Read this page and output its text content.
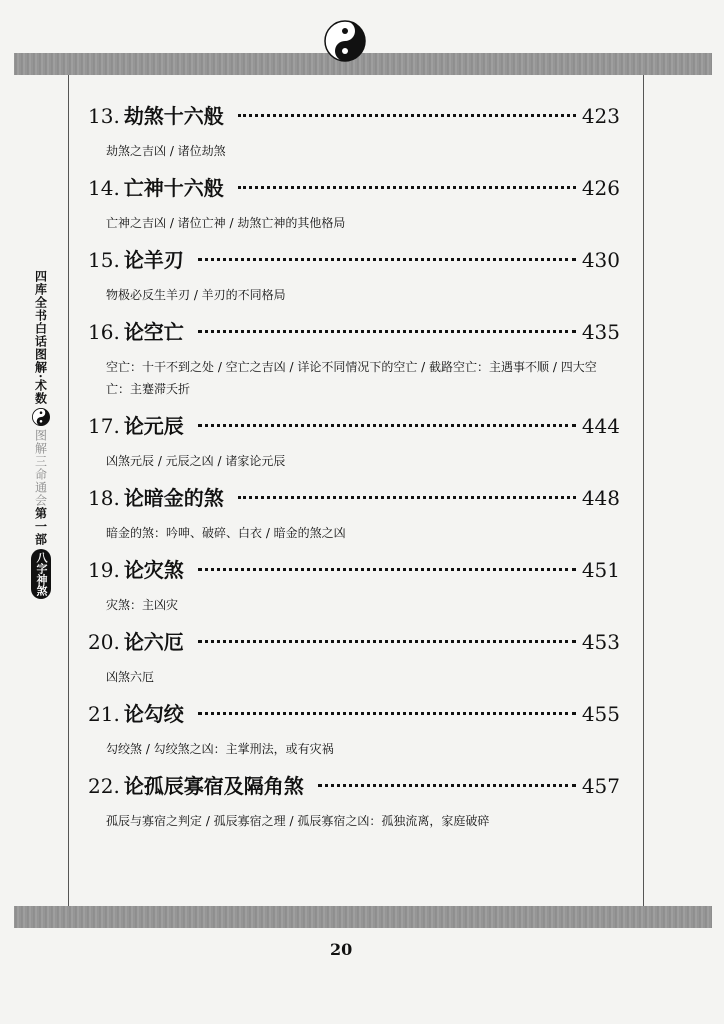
四库全书白话图解·术数
图解三命通会
第一部
八字神煞
13. 劫煞十六般	423
劫煞之吉凶 / 诸位劫煞
14. 亡神十六般	426
亡神之吉凶 / 诸位亡神 / 劫煞亡神的其他格局
15. 论羊刃	430
物极必反生羊刃 / 羊刃的不同格局
16. 论空亡	435
空亡：十干不到之处 / 空亡之吉凶 / 详论不同情况下的空亡 / 截路空亡：主遇事不顺 / 四大空亡：主蹇滞夭折
17. 论元辰	444
凶煞元辰 / 元辰之凶 / 诸家论元辰
18. 论暗金的煞	448
暗金的煞：吟呻、破碎、白衣 / 暗金的煞之凶
19. 论灾煞	451
灾煞：主凶灾
20. 论六厄	453
凶煞六厄
21. 论勾绞	455
勾绞煞 / 勾绞煞之凶：主掌刑法，或有灾祸
22. 论孤辰寡宿及隔角煞	457
孤辰与寡宿之判定 / 孤辰寡宿之理 / 孤辰寡宿之凶：孤独流离，家庭破碎
20
